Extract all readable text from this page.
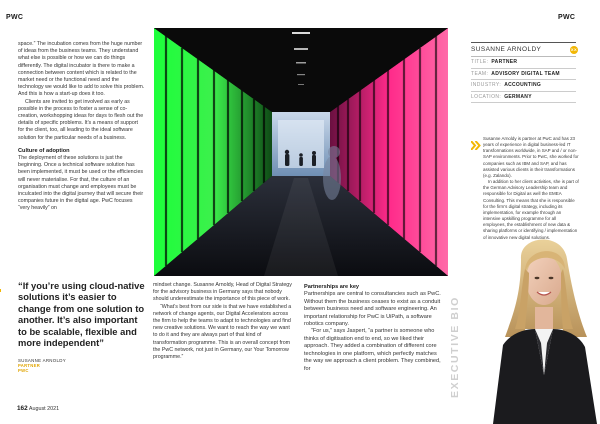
PWC	PWC

space.” The incubation comes from the huge number of ideas from the business teams. They understand what else is possible or how we can do things differently. The digital incubator is there to make a connection between content which is related to the market need or the functional need and the technology we would like to add to solve this problem. And this is how a start-up does it too.

Clients are invited to get involved as early as possible in the process to foster a sense of co-creation, workshopping ideas for days to flesh out the details of specific problems. It’s a means of support for the client, too, all leading to the ideal software solution for the particular needs of a business.

Culture of adoption

The deployment of these solutions is just the beginning. Once a technical software solution has been implemented, it must be used or the efficiencies will never materialise. For that, the culture of an organisation must change and employees must be inculcated into the digital journey that will secure their companies future in the digital age. PwC focuses “very heavily” on

“If you’re using cloud-native solutions it’s easier to change from one solution to another. It’s also important to be scalable, flexible and more independent”
SUSANNE ARNOLDY
PARTNER
PWC

mindset change. Susanne Arnoldy, Head of Digital Strategy for the advisory business in Germany says that nobody should underestimate the importance of this piece of work.

“What’s best from our side is that we have established a network of change agents, our Digital Accelerators across the firm to help the teams to adapt to technologies and find new creative solutions. We want to reach the way we want to do it and they are always part of that kind of transformation programme. This is an overall concept from the PwC network, not just in Germany, our Your Tomorrow programme.”

Partnerships are key

Partnerships are central to consultancies such as PwC. Without them the business ceases to exist as a conduit between business need and software engineering. An important relationship for PwC is UiPath, a software robotics company.

“For us,” says Jaspert, “a partner is someone who thinks of digitisation end to end, so we liked their approach. They added a combination of different core technologies in one platform, which perfectly matches the way we approach a client problem. They combined, for

162 August 2021
SUSANNE ARNOLDY	XX
TITLE: PARTNER
TEAM: ADVISORY DIGITAL TEAM
INDUSTRY: ACCOUNTING
LOCATION: GERMANY

Susanne Arnoldy is partner at PwC and has 23 years of experience in digital business-led IT transformations worldwide, in SAP and / or non-SAP environments. Prior to PwC, she worked for companies such as IBM and SAP, and has assisted various clients in their transformations (e.g. Zalando).

In addition to her client activities, she is part of the German Advisory Leadership team and responsible for Digital as well the EMEA Consulting. This means that she is responsible for the firm’s digital strategy, including its implementation, for example through an intensive upskilling programme for all employees, the establishment of new data & sharing platforms or identifying / implementation of innovative new digital solutions.

EXECUTIVE BIO
